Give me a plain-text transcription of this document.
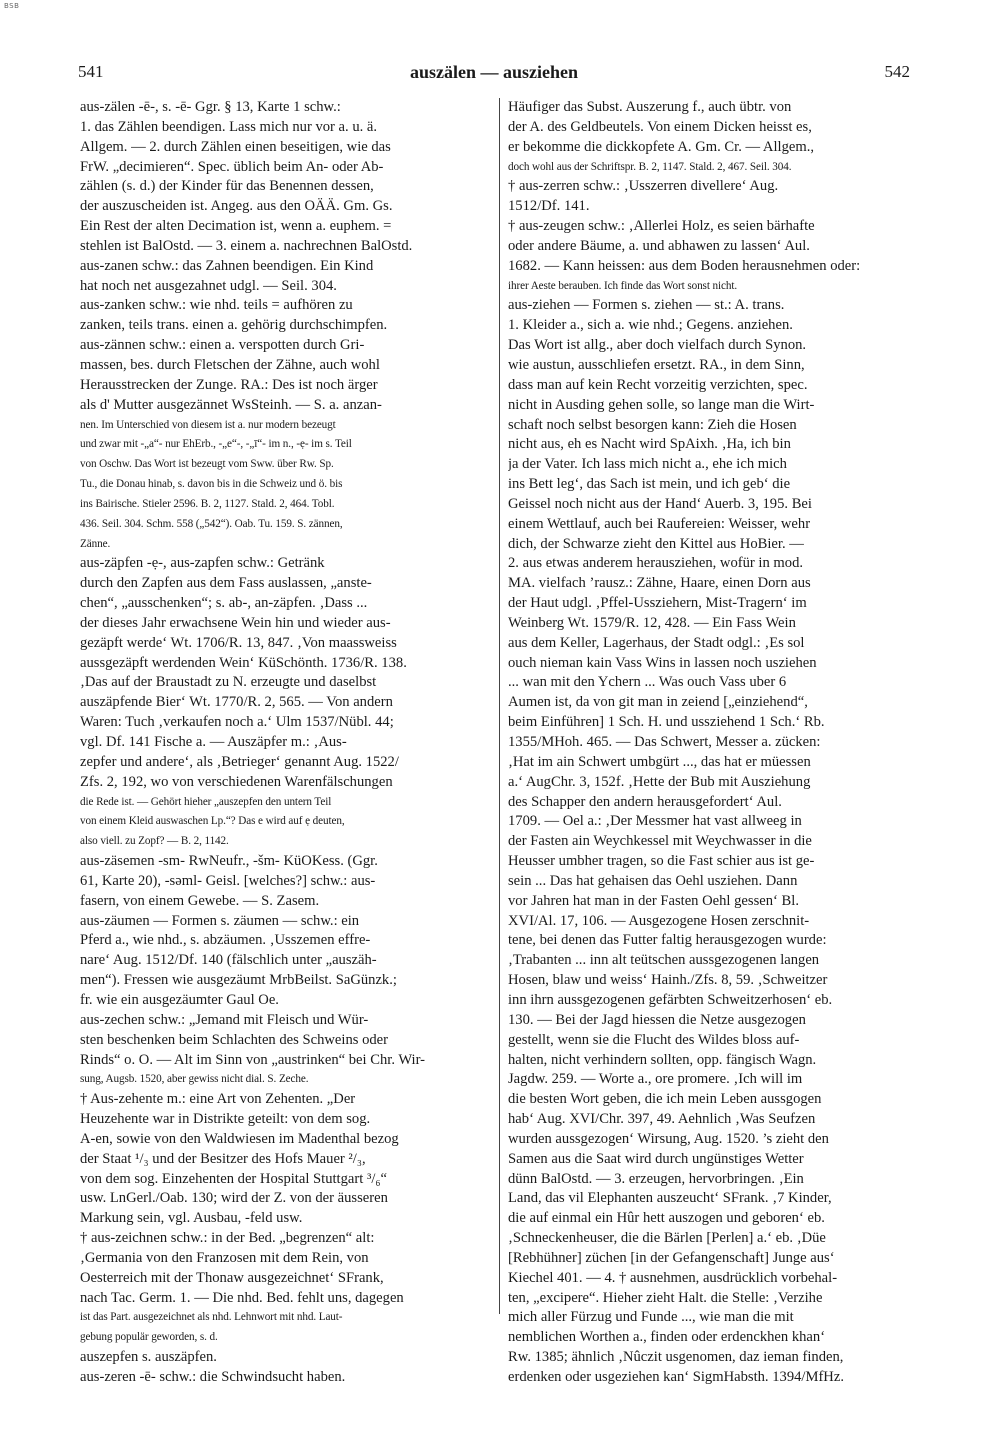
BSB
541	auszälen — ausziehen	542
aus-zälen -ē-, s. -ē- Ggr. § 13, Karte 1 schw.:
1. das Zählen beendigen. Lass mich nur vor a. u. ä.
Allgem. — 2. durch Zählen einen beseitigen, wie das
FrW. „decimieren“. Spec. üblich beim An- oder Ab-
zählen (s. d.) der Kinder für das Benennen dessen,
der auszuscheiden ist. Angeg. aus den OÄÄ. Gm. Gs.
Ein Rest der alten Decimation ist, wenn a. euphem. =
stehlen ist BalOstd. — 3. einem a. nachrechnen BalOstd.
aus-zanen schw.: das Zahnen beendigen. Ein Kind
hat noch net ausgezahnet udgl. — Seil. 304.
aus-zanken schw.: wie nhd. teils = aufhören zu
zanken, teils trans. einen a. gehörig durchschimpfen.
aus-zännen schw.: einen a. verspotten durch Gri-
massen, bes. durch Fletschen der Zähne, auch wohl
Herausstrecken der Zunge. RA.: Des ist noch ärger
als d' Mutter ausgezännet WsSteinh. — S. a. anzan-
nen. Im Unterschied von diesem ist a. nur modern bezeugt
und zwar mit -„a“- nur EhErb., -„e“-, -„ī“- im n., -ẹ- im s. Teil
von Oschw. Das Wort ist bezeugt vom Sww. über Rw. Sp.
Tu., die Donau hinab, s. davon bis in die Schweiz und ö. bis
ins Bairische. Stieler 2596. B. 2, 1127. Stald. 2, 464. Tobl.
436. Seil. 304. Schm. 558 („542“). Oab. Tu. 159. S. zännen,
Zänne.
aus-zäpfen -ẹ-, aus-zapfen schw.: Getränk
durch den Zapfen aus dem Fass auslassen, „anste-
chen“, „ausschenken“; s. ab-, an-zäpfen. ‚Dass ...
der dieses Jahr erwachsene Wein hin und wieder aus-
gezäpft werde‘ Wt. 1706/R. 13, 847. ‚Von maassweiss
aussgezäpft werdenden Wein‘ KüSchönth. 1736/R. 138.
‚Das auf der Braustadt zu N. erzeugte und daselbst
auszäpfende Bier‘ Wt. 1770/R. 2, 565. — Von andern
Waren: Tuch ‚verkaufen noch a.‘ Ulm 1537/Nübl. 44;
vgl. Df. 141 Fische a. — Auszäpfer m.: ‚Aus-
zepfer und andere‘, als ‚Betrieger‘ genannt Aug. 1522/
Zfs. 2, 192, wo von verschiedenen Warenfälschungen
die Rede ist. — Gehört hieher „auszepfen den untern Teil
von einem Kleid auswaschen Lp.“? Das e wird auf ẹ deuten,
also viell. zu Zopf? — B. 2, 1142.
aus-zäsemen -sm- RwNeufr., -šm- KüOKess. (Ggr.
61, Karte 20), -səml- Geisl. [welches?] schw.: aus-
fasern, von einem Gewebe. — S. Zasem.
aus-zäumen — Formen s. zäumen — schw.: ein
Pferd a., wie nhd., s. abzäumen. ‚Usszemen effre-
nare‘ Aug. 1512/Df. 140 (fälschlich unter „auszäh-
men“). Fressen wie ausgezäumt MrbBeilst. SaGünzk.;
fr. wie ein ausgezäumter Gaul Oe.
aus-zechen schw.: „Jemand mit Fleisch und Wür-
sten beschenken beim Schlachten des Schweins oder
Rinds“ o. O. — Alt im Sinn von „austrinken“ bei Chr. Wir-
sung, Augsb. 1520, aber gewiss nicht dial. S. Zeche.
† Aus-zehente m.: eine Art von Zehenten. „Der
Heuzehente war in Distrikte geteilt: von dem sog.
A-en, sowie von den Waldwiesen im Madenthal bezog
der Staat ¹/₃ und der Besitzer des Hofs Mauer ²/₃,
von dem sog. Einzehenten der Hospital Stuttgart ³/₆“
usw. LnGerl./Oab. 130; wird der Z. von der äusseren
Markung sein, vgl. Ausbau, -feld usw.
† aus-zeichnen schw.: in der Bed. „begrenzen“ alt:
‚Germania von den Franzosen mit dem Rein, von
Oesterreich mit der Thonaw ausgezeichnet‘ SFrank,
nach Tac. Germ. 1. — Die nhd. Bed. fehlt uns, dagegen
ist das Part. ausgezeichnet als nhd. Lehnwort mit nhd. Laut-
gebung populär geworden, s. d.
auszepfen s. auszäpfen.
aus-zeren -ē- schw.: die Schwindsucht haben.
Häufiger das Subst. Auszerung f., auch übtr. von
der A. des Geldbeutels. Von einem Dicken heisst es,
er bekomme die dickkopfete A. Gm. Cr. — Allgem.,
doch wohl aus der Schriftspr. B. 2, 1147. Stald. 2, 467. Seil. 304.
† aus-zerren schw.: ‚Usszerren divellere‘ Aug.
1512/Df. 141.
† aus-zeugen schw.: ‚Allerlei Holz, es seien bärhafte
oder andere Bäume, a. und abhawen zu lassen‘ Aul.
1682. — Kann heissen: aus dem Boden herausnehmen oder:
ihrer Aeste berauben. Ich finde das Wort sonst nicht.
aus-ziehen — Formen s. ziehen — st.: A. trans.
1. Kleider a., sich a. wie nhd.; Gegens. anziehen.
Das Wort ist allg., aber doch vielfach durch Synon.
wie austun, ausschliefen ersetzt. RA., in dem Sinn,
dass man auf kein Recht vorzeitig verzichten, spec.
nicht in Ausding gehen solle, so lange man die Wirt-
schaft noch selbst besorgen kann: Zieh die Hosen
nicht aus, eh es Nacht wird SpAixh. ‚Ha, ich bin
ja der Vater. Ich lass mich nicht a., ehe ich mich
ins Bett leg‘, das Sach ist mein, und ich geb‘ die
Geissel noch nicht aus der Hand‘ Auerb. 3, 195. Bei
einem Wettlauf, auch bei Raufereien: Weisser, wehr
dich, der Schwarze zieht den Kittel aus HoBier. —
2. aus etwas anderem herausziehen, wofür in mod.
MA. vielfach ’rausz.: Zähne, Haare, einen Dorn aus
der Haut udgl. ‚Pffel-Ussziehern, Mist-Tragern‘ im
Weinberg Wt. 1579/R. 12, 428. — Ein Fass Wein
aus dem Keller, Lagerhaus, der Stadt odgl.: ‚Es sol
ouch nieman kain Vass Wins in lassen noch usziehen
... wan mit den Ychern ... Was ouch Vass uber 6
Aumen ist, da von git man in zeiend [„einziehend“,
beim Einführen] 1 Sch. H. und ussziehend 1 Sch.‘ Rb.
1355/MHoh. 465. — Das Schwert, Messer a. zücken:
‚Hat im ain Schwert umbgürt ..., das hat er müessen
a.‘ AugChr. 3, 152f. ‚Hette der Bub mit Ausziehung
des Schapper den andern herausgefordert‘ Aul.
1709. — Oel a.: ‚Der Messmer hat vast allweeg in
der Fasten ain Weychkessel mit Weychwasser in die
Heusser umbher tragen, so die Fast schier aus ist ge-
sein ... Das hat gehaisen das Oehl usziehen. Dann
vor Jahren hat man in der Fasten Oehl gessen‘ Bl.
XVI/Al. 17, 106. — Ausgezogene Hosen zerschnit-
tene, bei denen das Futter faltig herausgezogen wurde:
‚Trabanten ... inn alt teütschen aussgezogenen langen
Hosen, blaw und weiss‘ Hainh./Zfs. 8, 59. ‚Schweitzer
inn ihrn aussgezogenen gefärbten Schweitzerhosen‘ eb.
130. — Bei der Jagd hiessen die Netze ausgezogen
gestellt, wenn sie die Flucht des Wildes bloss auf-
halten, nicht verhindern sollten, opp. fängisch Wagn.
Jagdw. 259. — Worte a., ore promere. ‚Ich will im
die besten Wort geben, die ich mein Leben aussgogen
hab‘ Aug. XVI/Chr. 397, 49. Aehnlich ‚Was Seufzen
wurden aussgezogen‘ Wirsung, Aug. 1520. ’s zieht den
Samen aus die Saat wird durch ungünstiges Wetter
dünn BalOstd. — 3. erzeugen, hervorbringen. ‚Ein
Land, das vil Elephanten auszeucht‘ SFrank. ‚7 Kinder,
die auf einmal ein Hûr hett auszogen und geboren‘ eb.
‚Schneckenheuser, die die Bärlen [Perlen] a.‘ eb. ‚Düe
[Rebhühner] züchen [in der Gefangenschaft] Junge aus‘
Kiechel 401. — 4. † ausnehmen, ausdrücklich vorbehal-
ten, „excipere“. Hieher zieht Halt. die Stelle: ‚Verzihe
mich aller Fürzug und Funde ..., wie man die mit
nemblichen Worthen a., finden oder erdenckhen khan‘
Rw. 1385; ähnlich ‚Nûczit usgenomen, daz ieman finden,
erdenken oder usgeziehen kan‘ SigmHabsth. 1394/MfHz.
